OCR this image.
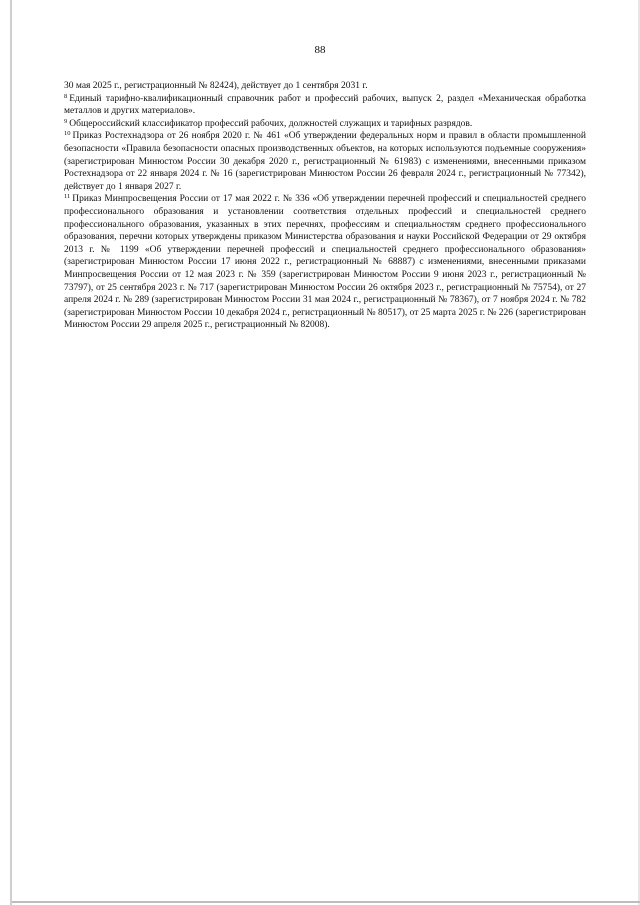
88

30 мая 2025 г., регистрационный № 82424), действует до 1 сентября 2031 г.

$^8$ Единый тарифно-квалификационный справочник работ и профессий рабочих, выпуск 2, раздел «Механическая обработка металлов и других материалов».

$^9$ Общероссийский классификатор профессий рабочих, должностей служащих и тарифных разрядов.

$^{10}$ Приказ Ростехнадзора от 26 ноября 2020 г. № 461 «Об утверждении федеральных норм и правил в области промышленной безопасности «Правила безопасности опасных производственных объектов, на которых используются подъемные сооружения» (зарегистрирован Минюстом России 30 декабря 2020 г., регистрационный № 61983) с изменениями, внесенными приказом Ростехнадзора от 22 января 2024 г. № 16 (зарегистрирован Минюстом России 26 февраля 2024 г., регистрационный № 77342), действует до 1 января 2027 г.

$^{11}$ Приказ Минпросвещения России от 17 мая 2022 г. № 336 «Об утверждении перечней профессий и специальностей среднего профессионального образования и установлении соответствия отдельных профессий и специальностей среднего профессионального образования, указанных в этих перечнях, профессиям и специальностям среднего профессионального образования, перечни которых утверждены приказом Министерства образования и науки Российской Федерации от 29 октября 2013 г. № 1199 «Об утверждении перечней профессий и специальностей среднего профессионального образования» (зарегистрирован Минюстом России 17 июня 2022 г., регистрационный № 68887) с изменениями, внесенными приказами Минпросвещения России от 12 мая 2023 г. № 359 (зарегистрирован Минюстом России 9 июня 2023 г., регистрационный № 73797), от 25 сентября 2023 г. № 717 (зарегистрирован Минюстом России 26 октября 2023 г., регистрационный № 75754), от 27 апреля 2024 г. № 289 (зарегистрирован Минюстом России 31 мая 2024 г., регистрационный № 78367), от 7 ноября 2024 г. № 782 (зарегистрирован Минюстом России 10 декабря 2024 г., регистрационный № 80517), от 25 марта 2025 г. № 226 (зарегистрирован Минюстом России 29 апреля 2025 г., регистрационный № 82008).
